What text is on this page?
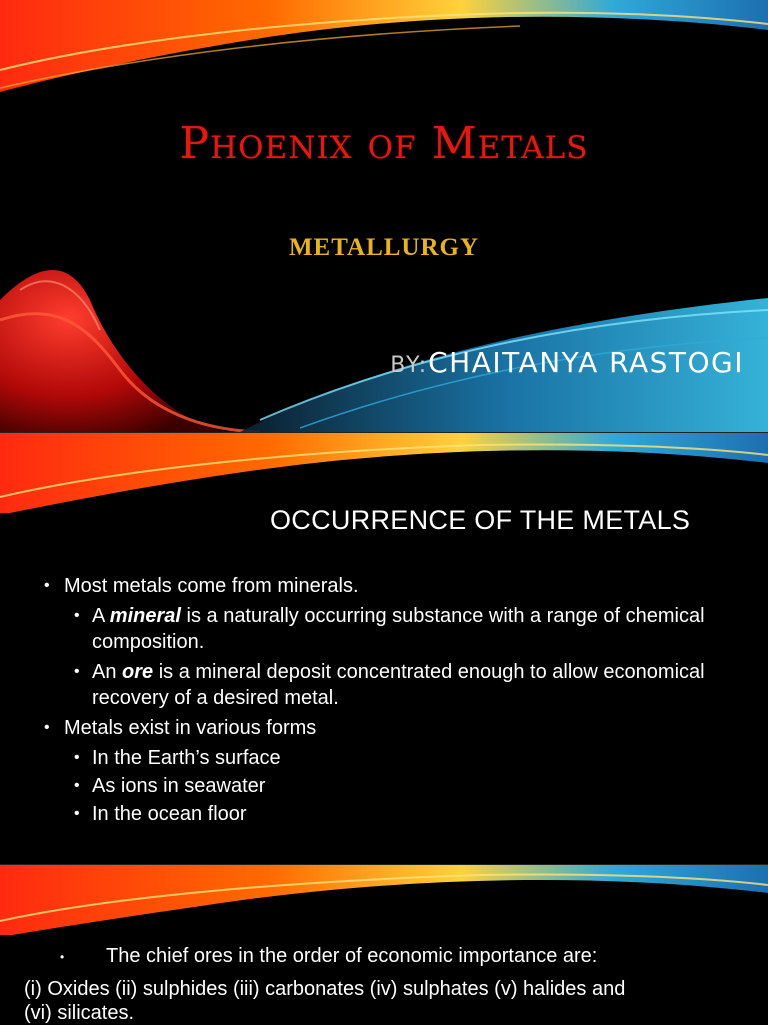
Phoenix of Metals
METALLURGY
BY:CHAITANYA RASTOGI
OCCURRENCE OF THE METALS
• Most metals come from minerals.
• A mineral is a naturally occurring substance with a range of chemical composition.
• An ore is a mineral deposit concentrated enough to allow economical recovery of a desired metal.
• Metals exist in various forms
• In the Earth’s surface
• As ions in seawater
• In the ocean floor
• The chief ores in the order of economic importance are:
(i) Oxides (ii) sulphides (iii) carbonates (iv) sulphates (v) halides and (vi) silicates.
